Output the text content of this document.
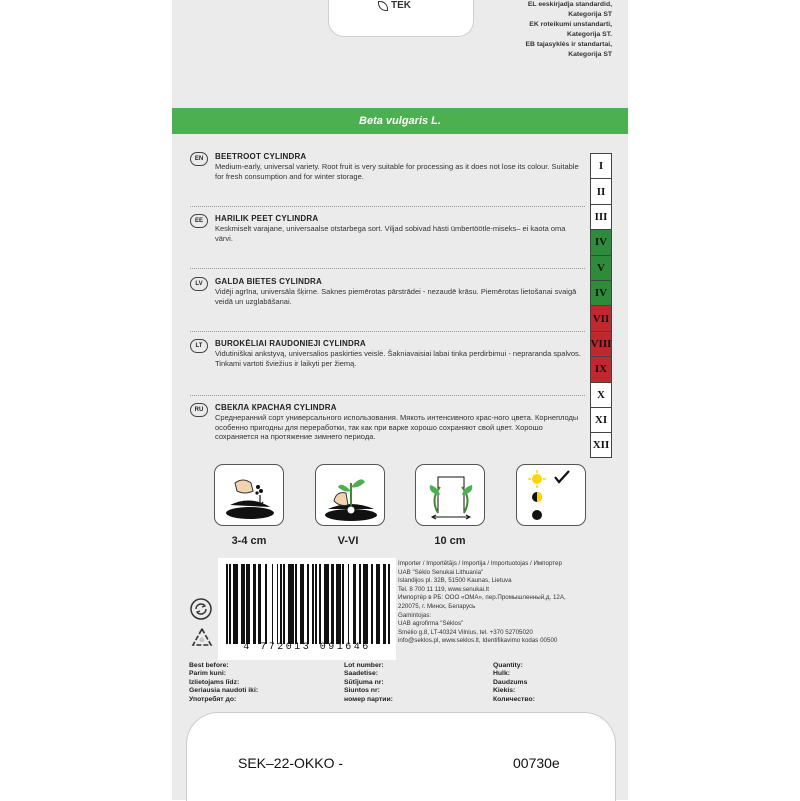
TEK	EL eeskirjadja standardid,
Kategorija ST
EK roteikumi unstandarti,
Kategorija ST.
EB tajasyklės ir standartai,
Kategorija ST
Beta vulgaris L.
EN	BEETROOT CYLINDRA

Medium-early, universal variety. Root fruit is very suitable for processing as it does not lose its colour. Suitable for fresh consumption and for winter storage.

EE	HARILIK PEET CYLINDRA

Keskmiselt varajane, universaalse otstarbega sort. Viljad sobivad hästi ümbertöötle-miseks– ei kaota oma värvi.

LV	GALDA BIETES CYLINDRA

Vidēji agrīna, universāla šķirne. Saknes piemērotas pārstrādei - nezaudē krāsu. Piemērotas lietošanai svaigā veidā un uzglabāšanai.

LT	BUROKĖLIAI RAUDONIEJI CYLINDRA

Vidutiniškai ankstyvą, universalios paskirties veislė. Šakniavaisiai labai tinka perdirbimui - nepraranda spalvos. Tinkami vartoti šviežius ir laikyti per žiemą.

RU	СВЕКЛА КРАСНАЯ CYLINDRA

Среднеранний сорт универсального использования. Мякоть интенсивного крас-ного цвета. Корнеплоды особенно пригодны для переработки, так как при варке хорошо сохраняют свой цвет. Хорошо сохраняется на протяжение зимнего периода.

I
II
III
IV
V
IV
VII
VIII
IX
X
XI
XII
3-4 cm	V-VI	10 cm
4 772013 091646
♲
Importer / Importētājs / Importija / Importuotojas / Импортер
UAB "Sėklo Senukai Lithuania"
Islandijos pl. 32B, 51500 Kaunas, Lietuva
Tel. 8 700 11 119, www.senukai.lt
Импортёр в РБ: ООО «ОМА», пер.Промышленный,д. 12А,
220075, г. Минск, Беларусь
Gamintojas:
UAB agrofirma "Sėklos"
Smėlio g.8, LT-40324 Vilnius, tel. +370 52705020
info@seklos.pl, www.seklos.lt, Identifikavimo kodas 00500
Best before:
Parim kuni:
Izlietojams līdz:
Geriausia naudoti iki:
Употребят до:
Lot number:
Saadetise:
Sūtījuma nr:
Siuntos nr:
номер партии:
Quantity:
Hulk:
Daudzums
Kiekis:
Количество:
SEK–22-OKKO -	00730e
